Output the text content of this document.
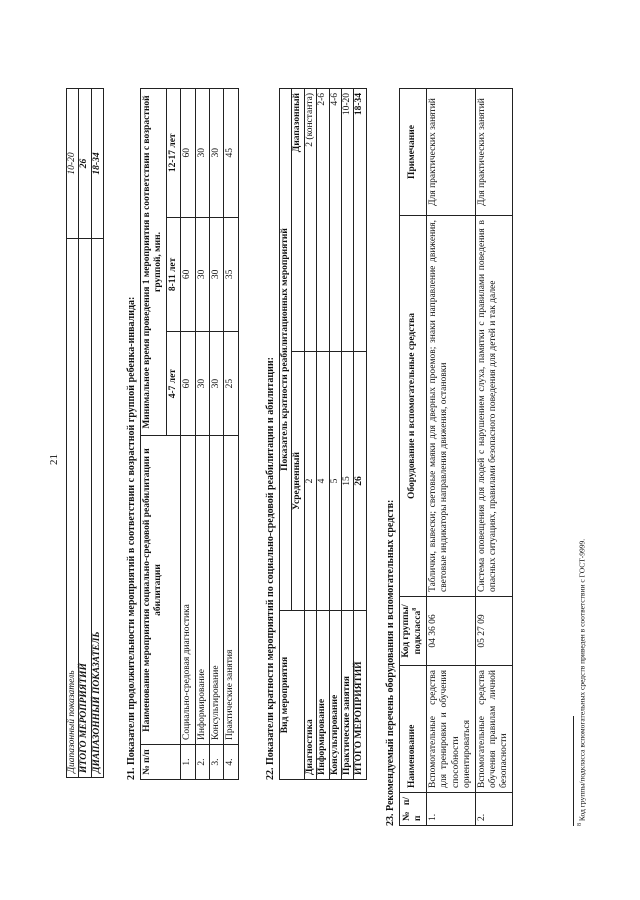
21
Диапазонный показатель	10-20
ИТОГО МЕРОПРИЯТИЙ	26
ДИАПАЗОННЫЙ ПОКАЗАТЕЛЬ	18-34
21. Показатели продолжительности мероприятий в соответствии с возрастной группой ребенка-инвалида: № п/п	Наименование мероприятия социально-средовой реабилитации и абилитации	Минимальное время проведения 1 мероприятия в соответствии с возрастной группой, мин.		
		4-7 лет	8-11 лет	12-17 лет
1.	Социально-средовая диагностика	60	60	60
2.	Информирование	30	30	30
3.	Консультирование	30	30	30
4.	Практические занятия	25	35	45
22. Показатели кратности мероприятий по социально-средовой реабилитации и абилитации: Вид мероприятия	Показатель кратности реабилитационных мероприятий	
	Усредненный	Диапазонный
Диагностика	2	2 (константа)
Информирование	4	2-6
Консультирование	5	4-6
Практические занятия	15	10-20
ИТОГО МЕРОПРИЯТИЙ	26	18-34
23. Рекомендуемый перечень оборудования и вспомогательных средств: № п/п	Наименование	Код группы/подкласса$^8$	Оборудование и вспомогательные средства	Примечание
1.	Вспомогательные средства для тренировки и обучения способности ориентироваться	04 36 06	Таблички, вывески; световые маяки для дверных проемов; знаки направление движения, световые индикаторы направления движения, остановки	Для практических занятий
2.	Вспомогательные средства обучения правилам личной безопасности	05 27 09	Система оповещения для людей с нарушением слуха, памятки с правилами поведения в опасных ситуациях, правилами безопасного поведения для детей и так далее	Для практических занятий
$^8$ Код группы/подкласса вспомогательных средств приведен в соответствии с ГОСТ-9999.
